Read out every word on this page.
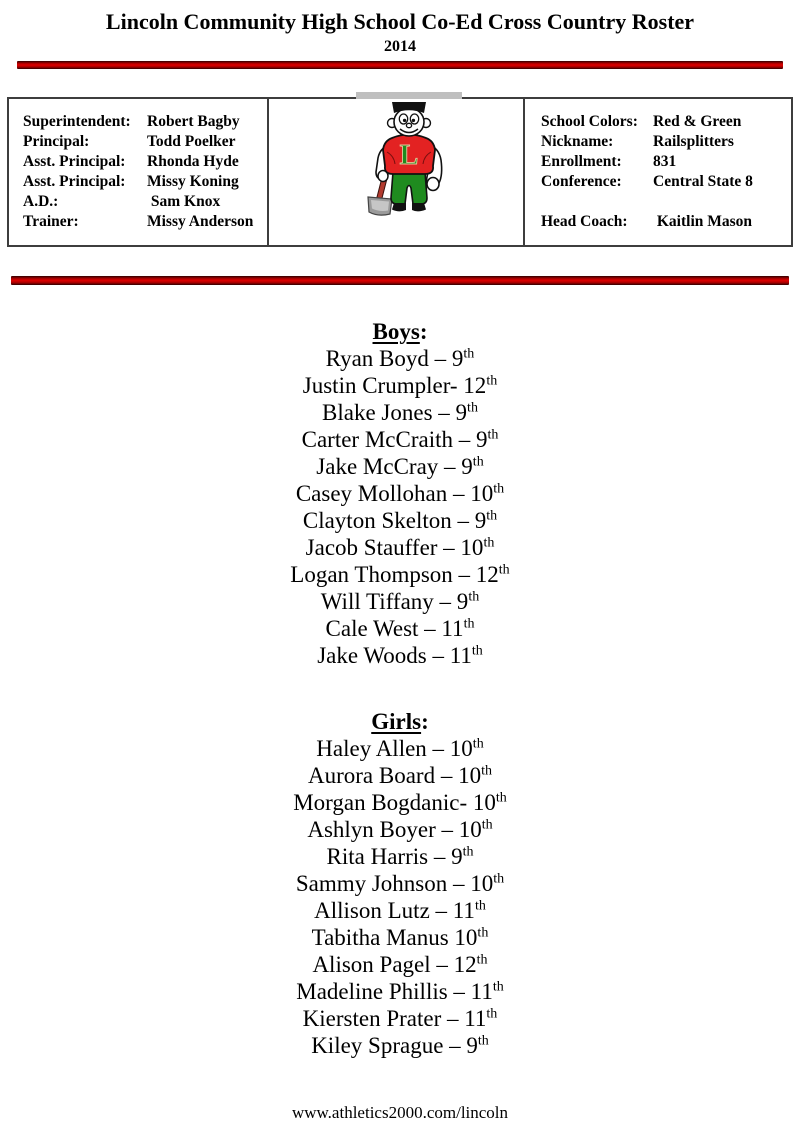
Lincoln Community High School Co-Ed Cross Country Roster
2014
Superintendent:	Robert Bagby
Principal:	Todd Poelker
Asst. Principal:	Rhonda Hyde
Asst. Principal:	Missy Koning
A.D.:	Sam Knox
Trainer:	Missy Anderson
L
School Colors: Red & Green
Nickname:	Railsplitters
Enrollment:	831
Conference:	Central State 8
Head Coach:	Kaitlin Mason
Boys:
Ryan Boyd – 9th
Justin Crumpler- 12th
Blake Jones – 9th
Carter McCraith – 9th
Jake McCray – 9th
Casey Mollohan – 10th
Clayton Skelton – 9th
Jacob Stauffer – 10th
Logan Thompson – 12th
Will Tiffany – 9th
Cale West – 11th
Jake Woods – 11th
Girls:
Haley Allen – 10th
Aurora Board – 10th
Morgan Bogdanic- 10th
Ashlyn Boyer – 10th
Rita Harris – 9th
Sammy Johnson – 10th
Allison Lutz – 11th
Tabitha Manus 10th
Alison Pagel – 12th
Madeline Phillis – 11th
Kiersten Prater – 11th
Kiley Sprague – 9th
www.athletics2000.com/lincoln
